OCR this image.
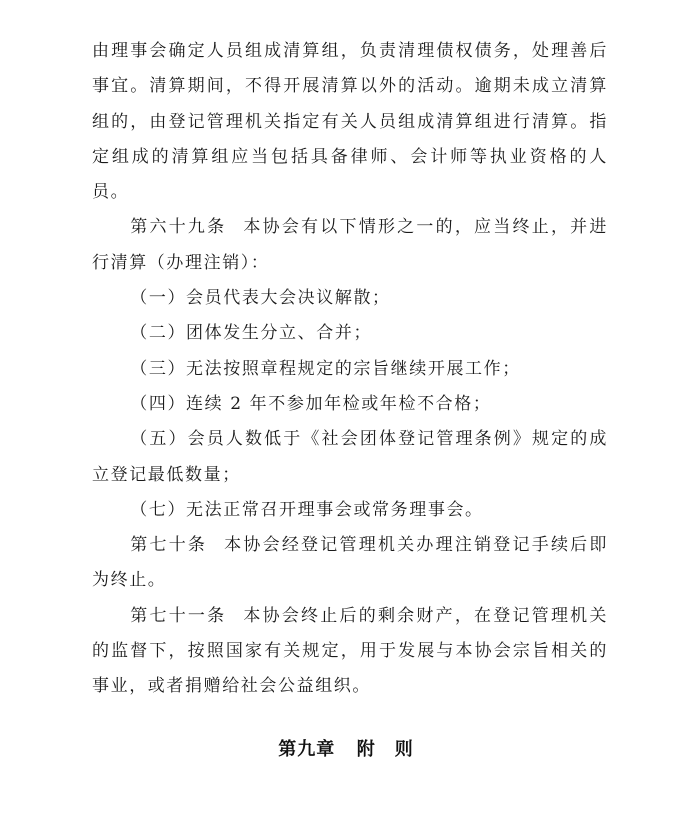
由理事会确定人员组成清算组，负责清理债权债务，处理善后事宜。清算期间，不得开展清算以外的活动。逾期未成立清算组的，由登记管理机关指定有关人员组成清算组进行清算。指定组成的清算组应当包括具备律师、会计师等执业资格的人员。

第六十九条 本协会有以下情形之一的，应当终止，并进行清算（办理注销）：

（一）会员代表大会决议解散；

（二）团体发生分立、合并；

（三）无法按照章程规定的宗旨继续开展工作；

（四）连续 2 年不参加年检或年检不合格；

（五）会员人数低于《社会团体登记管理条例》规定的成立登记最低数量；

（七）无法正常召开理事会或常务理事会。

第七十条 本协会经登记管理机关办理注销登记手续后即为终止。

第七十一条 本协会终止后的剩余财产，在登记管理机关的监督下，按照国家有关规定，用于发展与本协会宗旨相关的事业，或者捐赠给社会公益组织。

第九章 附　则
